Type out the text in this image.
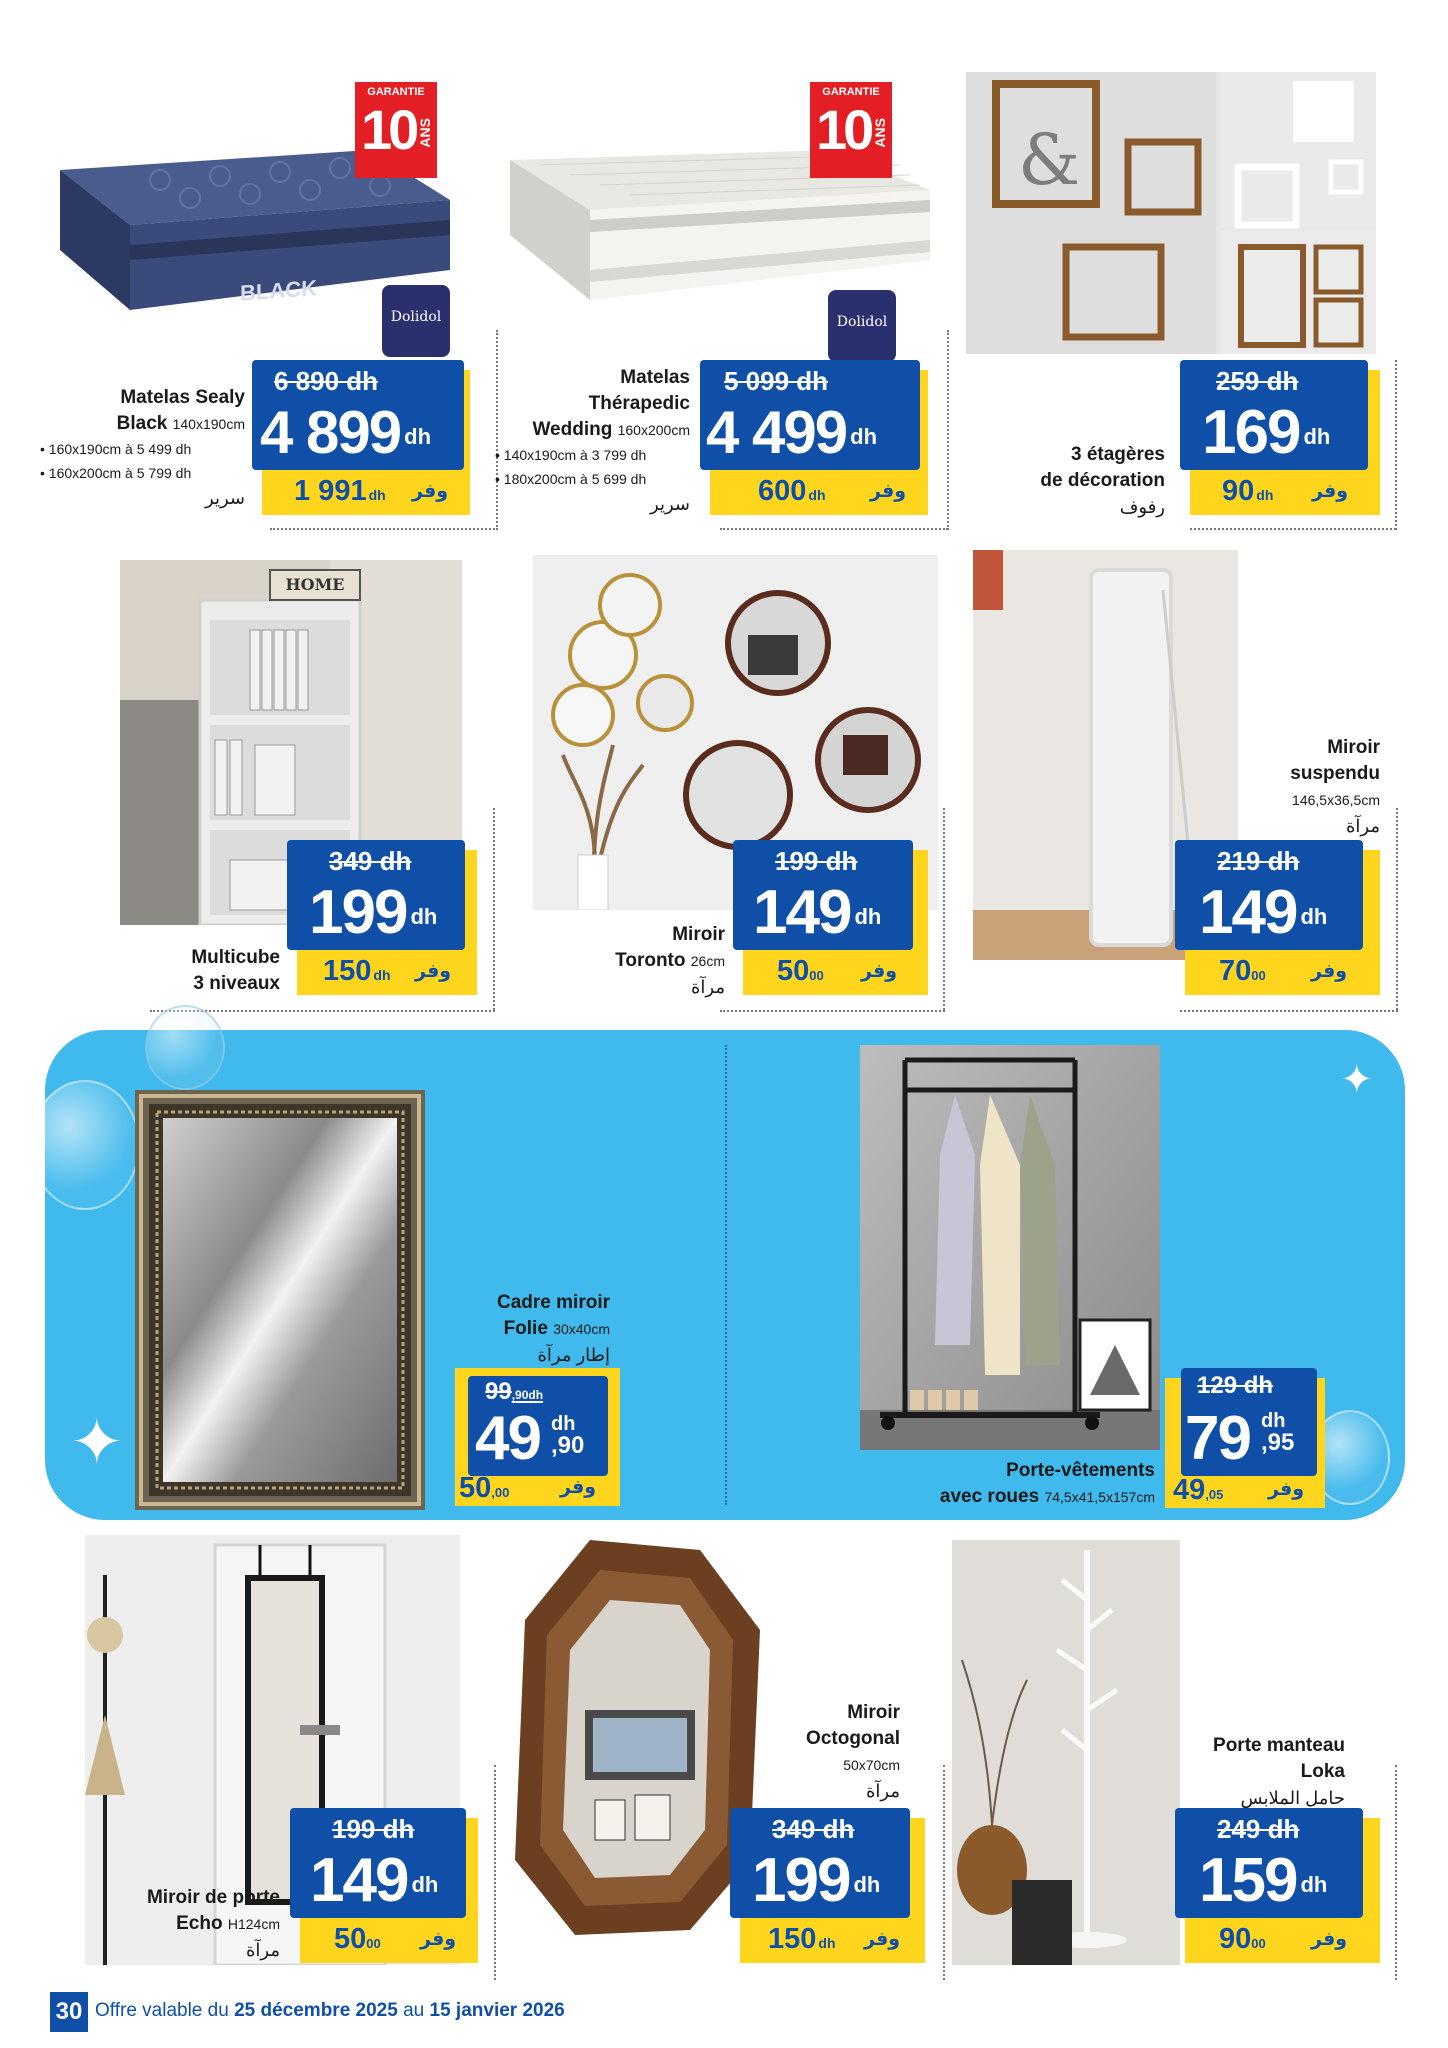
BLACK
GARANTIE
10 ANS
Dolidol
Matelas Sealy
Black 140x190cm
• 160x190cm à 5 499 dh
• 160x200cm à 5 799 dh
سرير
6 890 dh
4 899 dh
1 991 dh وفر
GARANTIE
10 ANS
Dolidol
Matelas
Thérapedic
Wedding 160x200cm
• 140x190cm à 3 799 dh
• 180x200cm à 5 699 dh
سرير
5 099 dh
4 499 dh
600 dh وفر
&
3 étagères
de décoration
رفوف
259 dh
169 dh
90 dh وفر
HOME
Multicube
3 niveaux
349 dh
199 dh
150 dh وفر
Miroir
Toronto 26cm
مرآة
199 dh
149 dh
5000 وفر
Miroir
suspendu
146,5x36,5cm
مرآة
219 dh
149 dh
7000 وفر
✦
✦
Cadre miroir
Folie 30x40cm
إطار مرآة
99,90dh
49 dh
,90
50,00	وفر
Porte-vêtements
avec roues 74,5x41,5x157cm
129 dh
79 dh
,95
49,05 وفر
Miroir de porte
Echo H124cm
مرآة
199 dh
149 dh
5000 وفر
Miroir
Octogonal
50x70cm
مرآة
349 dh
199 dh
150 dh وفر
Porte manteau
Loka
حامل الملابس
249 dh
159 dh
9000 وفر
30 Offre valable du 25 décembre 2025 au 15 janvier 2026
